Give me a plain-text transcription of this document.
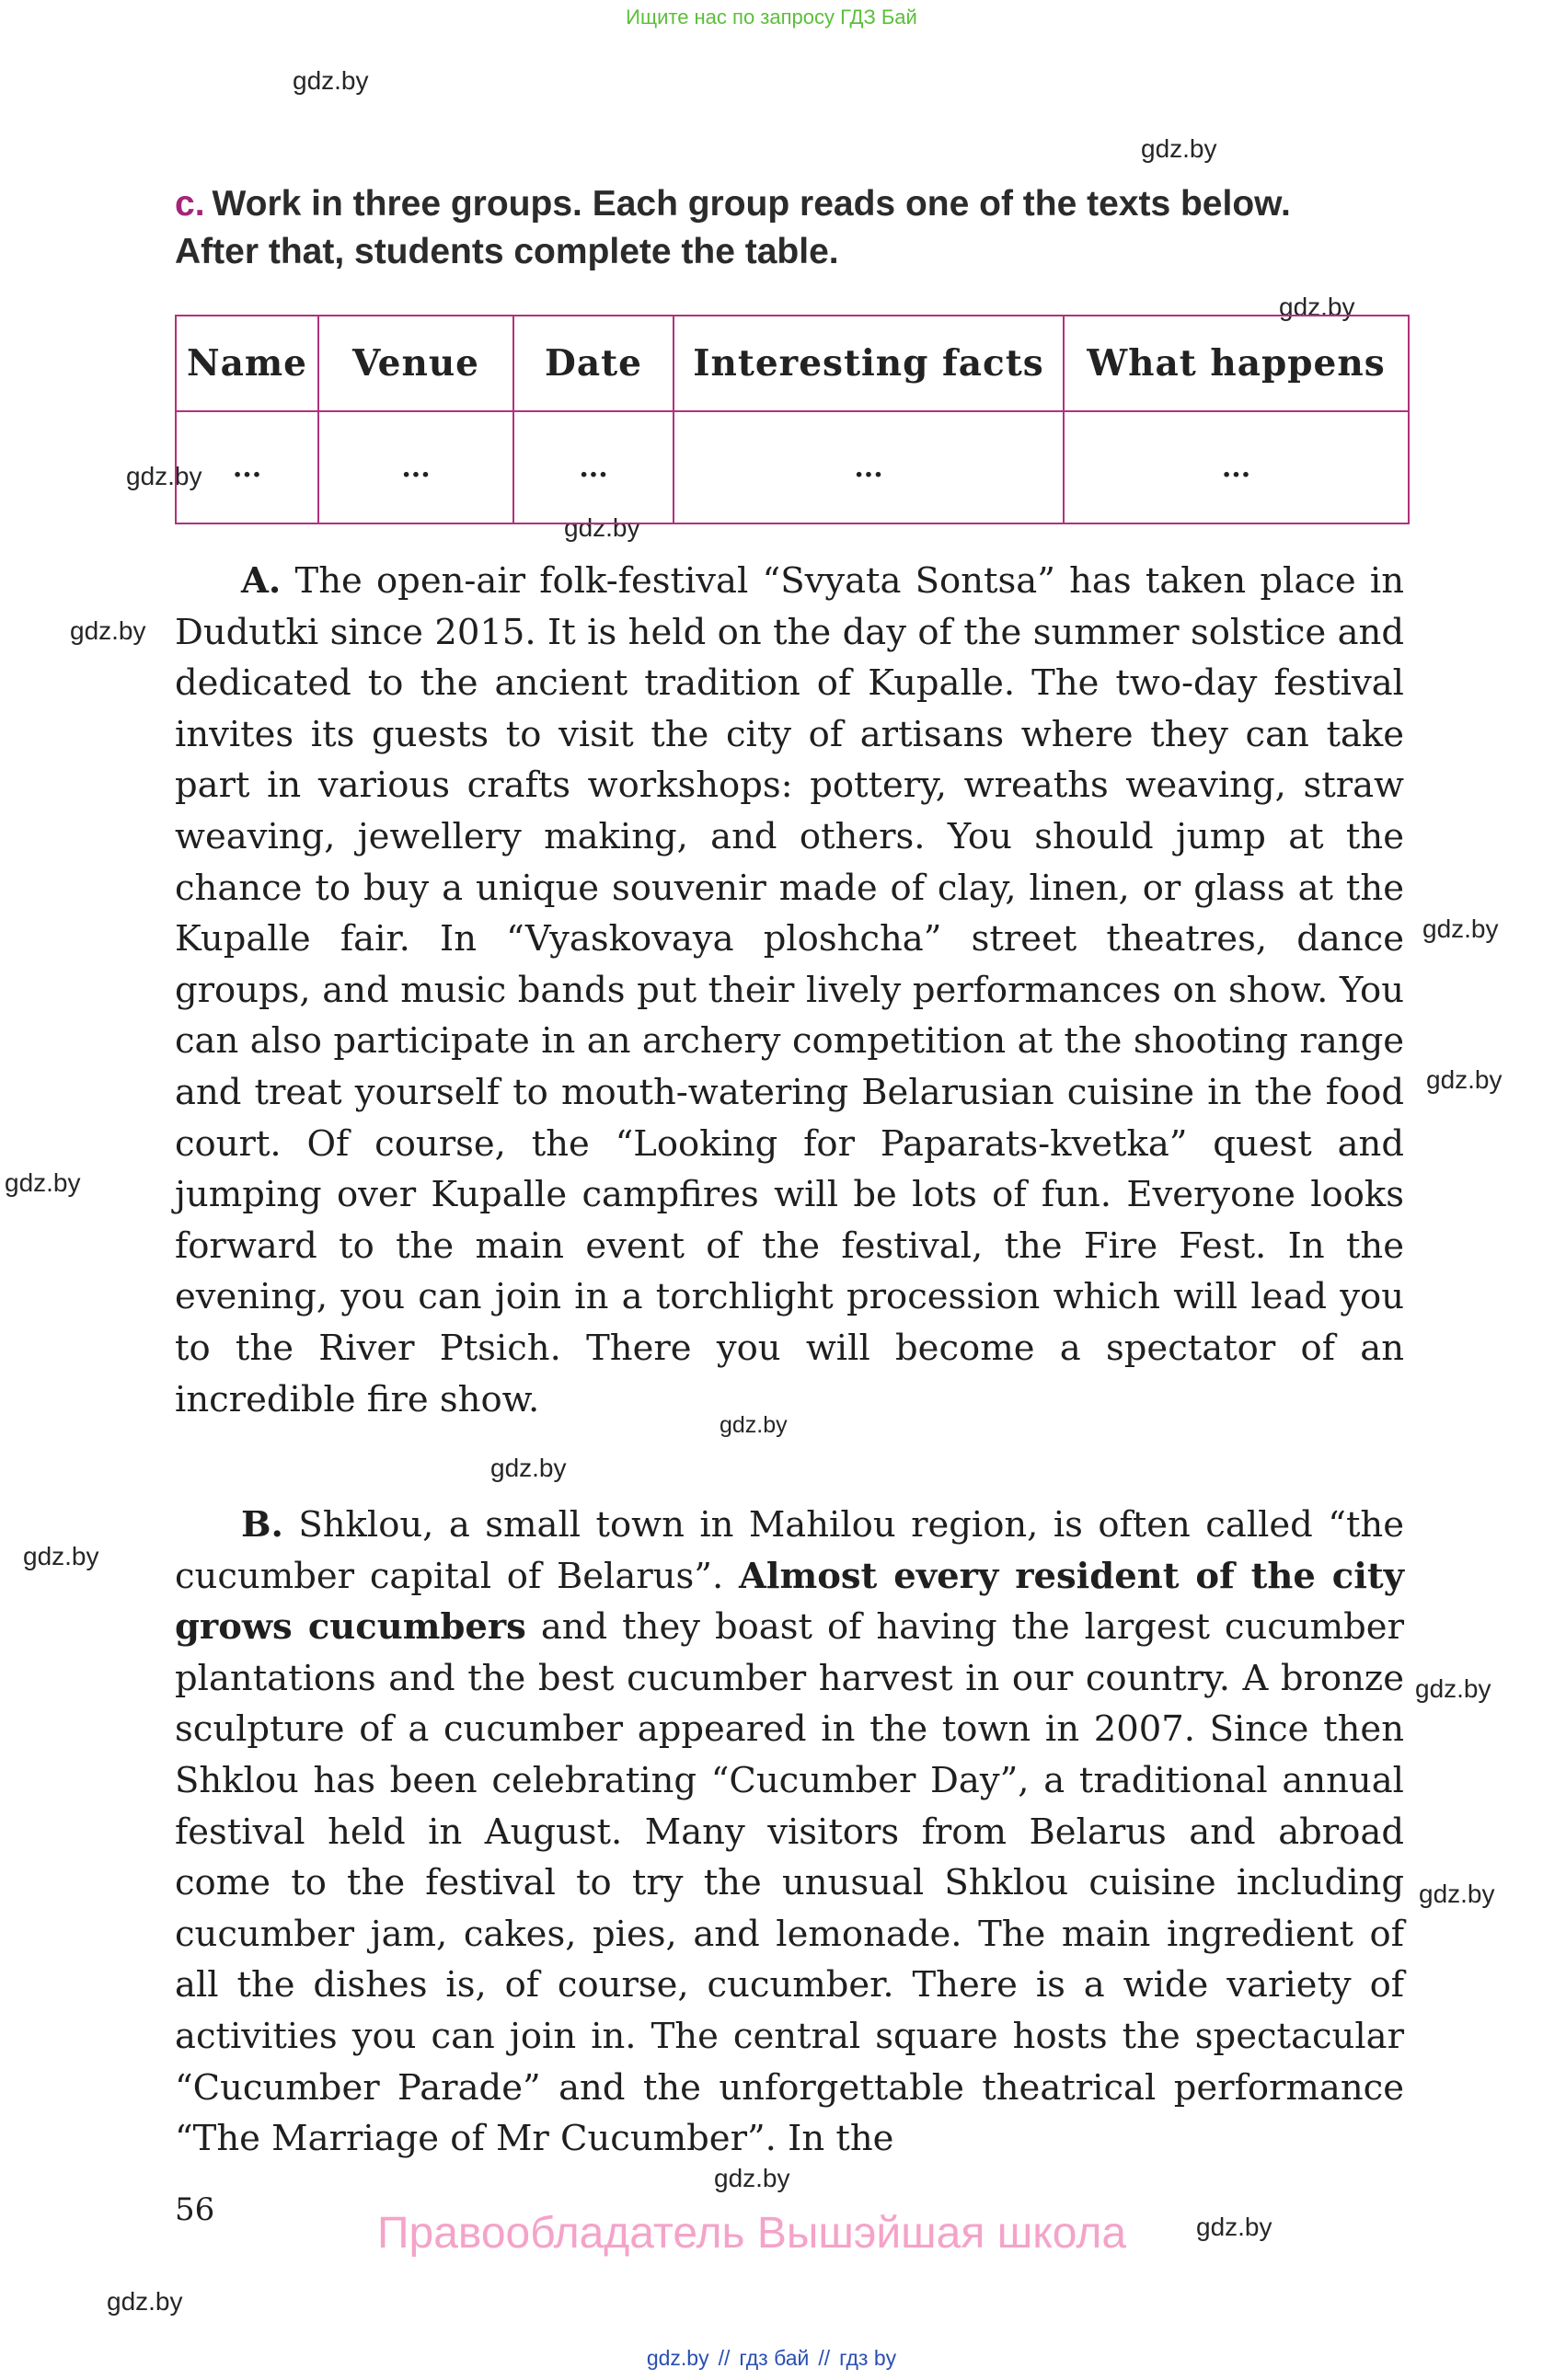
Ищите нас по запросу ГДЗ Бай
gdz.by
gdz.by
gdz.by
gdz.by
gdz.by
gdz.by
gdz.by
gdz.by
gdz.by
gdz.by
gdz.by
gdz.by
gdz.by
gdz.by
gdz.by
gdz.by
gdz.by
c. Work in three groups. Each group reads one of the texts below.
After that, students complete the table.
Name	Venue	Date	Interesting facts	What happens
...	...	...	...	...

A. The open-air folk-festival “Svyata Sontsa” has taken place in Dudutki since 2015. It is held on the day of the summer solstice and dedicated to the ancient tradition of Kupalle. The two-day festival invites its guests to visit the city of artisans where they can take part in various crafts workshops: pottery, wreaths weaving, straw weaving, jewellery making, and others. You should jump at the chance to buy a unique souvenir made of clay, linen, or glass at the Kupalle fair. In “Vyaskovaya ploshcha” street theatres, dance groups, and music bands put their lively performances on show. You can also participate in an archery competition at the shooting range and treat yourself to mouth-watering Belarusian cuisine in the food court. Of course, the “Looking for Paparats-kvetka” quest and jumping over Kupalle campfires will be lots of fun. Everyone looks forward to the main event of the festival, the Fire Fest. In the evening, you can join in a torchlight procession which will lead you to the River Ptsich. There you will become a spectator of an incredible fire show.

B. Shklou, a small town in Mahilou region, is often called “the cucumber capital of Belarus”. Almost every resident of the city grows cucumbers and they boast of having the largest cucumber plantations and the best cucumber harvest in our country. A bronze sculpture of a cucumber appeared in the town in 2007. Since then Shklou has been celebrating “Cucumber Day”, a traditional annual festival held in August. Many visitors from Belarus and abroad come to the festival to try the unusual Shklou cuisine including cucumber jam, cakes, pies, and lemonade. The main ingredient of all the dishes is, of course, cucumber. There is a wide variety of activities you can join in. The central square hosts the spectacular “Cucumber Parade” and the unforgettable theatrical performance “The Marriage of Mr Cucumber”. In the

56	Правообладатель Вышэйшая школа
gdz.by // гдз бай // гдз by
